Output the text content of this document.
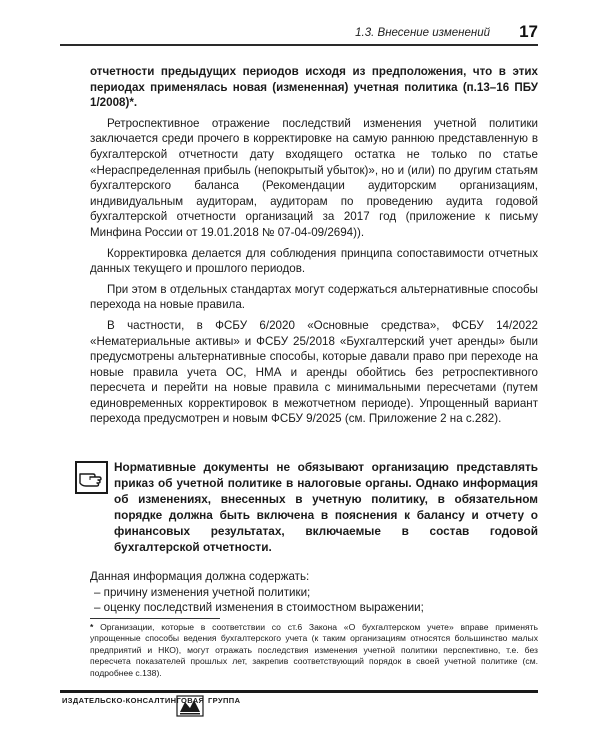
1.3. Внесение изменений 17

отчетности предыдущих периодов исходя из предположения, что в этих периодах применялась новая (измененная) учетная политика (п.13–16 ПБУ 1/2008)*.

Ретроспективное отражение последствий изменения учетной политики заключается среди прочего в корректировке на самую раннюю представленную в бухгалтерской отчетности дату входящего остатка не только по статье «Нераспределенная прибыль (непокрытый убыток)», но и (или) по другим статьям бухгалтерского баланса (Рекомендации аудиторским организациям, индивидуальным аудиторам, аудиторам по проведению аудита годовой бухгалтерской отчетности организаций за 2017 год (приложение к письму Минфина России от 19.01.2018 № 07-04-09/2694)).

Корректировка делается для соблюдения принципа сопоставимости отчетных данных текущего и прошлого периодов.

При этом в отдельных стандартах могут содержаться альтернативные способы перехода на новые правила.

В частности, в ФСБУ 6/2020 «Основные средства», ФСБУ 14/2022 «Нематериальные активы» и ФСБУ 25/2018 «Бухгалтерский учет аренды» были предусмотрены альтернативные способы, которые давали право при переходе на новые правила учета ОС, НМА и аренды обойтись без ретроспективного пересчета и перейти на новые правила с минимальными пересчетами (путем единовременных корректировок в межотчетном периоде). Упрощенный вариант перехода предусмотрен и новым ФСБУ 9/2025 (см. Приложение 2 на с.282).

Нормативные документы не обязывают организацию представлять приказ об учетной политике в налоговые органы. Однако информация об изменениях, внесенных в учетную политику, в обязательном порядке должна быть включена в пояснения к балансу и отчету о финансовых результатах, включаемые в состав годовой бухгалтерской отчетности.
Данная информация должна содержать:
– причину изменения учетной политики;
– оценку последствий изменения в стоимостном выражении;
* Организации, которые в соответствии со ст.6 Закона «О бухгалтерском учете» вправе применять упрощенные способы ведения бухгалтерского учета (к таким организациям относятся большинство малых предприятий и НКО), могут отражать последствия изменения учетной политики перспективно, т.е. без пересчета показателей прошлых лет, закрепив соответствующий порядок в своей учетной политике (см. подробнее с.138).
ИЗДАТЕЛЬСКО-КОНСАЛТИНГОВАЯ ГРУППА
